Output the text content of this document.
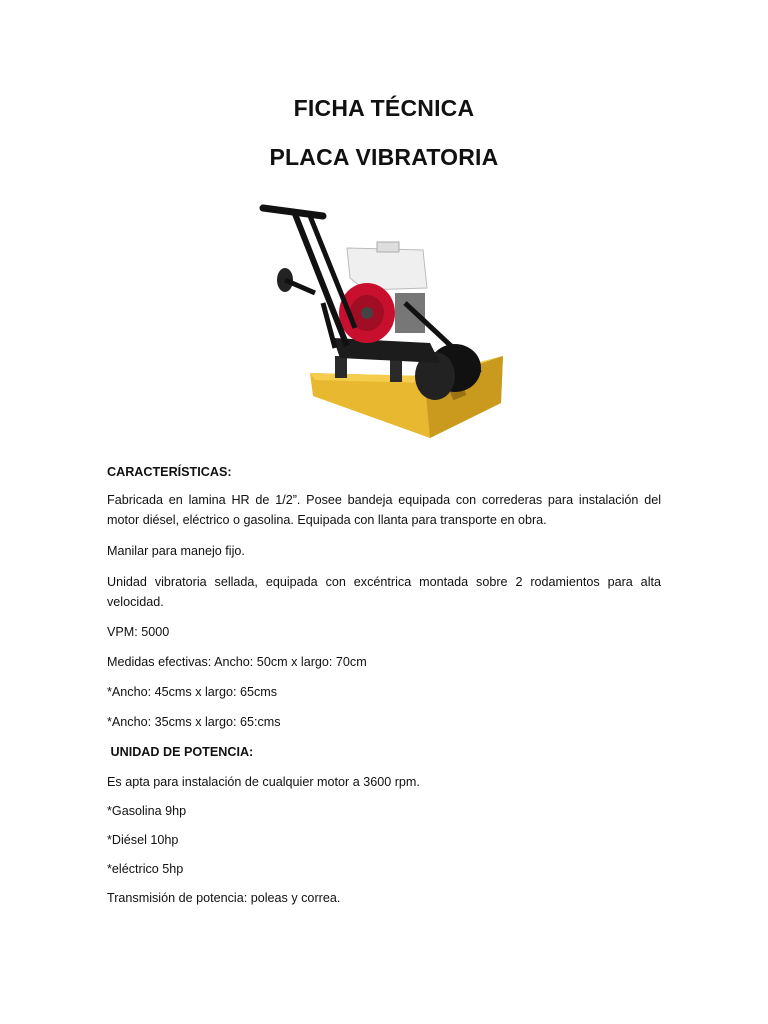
FICHA TÉCNICA
PLACA VIBRATORIA
CARACTERÍSTICAS:
Fabricada en lamina HR de 1/2”. Posee bandeja equipada con correderas para instalación del motor diésel, eléctrico o gasolina. Equipada con llanta para transporte en obra.
Manilar para manejo fijo.
Unidad vibratoria sellada, equipada con excéntrica montada sobre 2 rodamientos para alta velocidad.
VPM: 5000
Medidas efectivas: Ancho: 50cm x largo: 70cm
*Ancho: 45cms x largo: 65cms
*Ancho: 35cms x largo: 65:cms
UNIDAD DE POTENCIA:
Es apta para instalación de cualquier motor a 3600 rpm.
*Gasolina 9hp
*Diésel 10hp
*eléctrico 5hp
Transmisión de potencia: poleas y correa.
